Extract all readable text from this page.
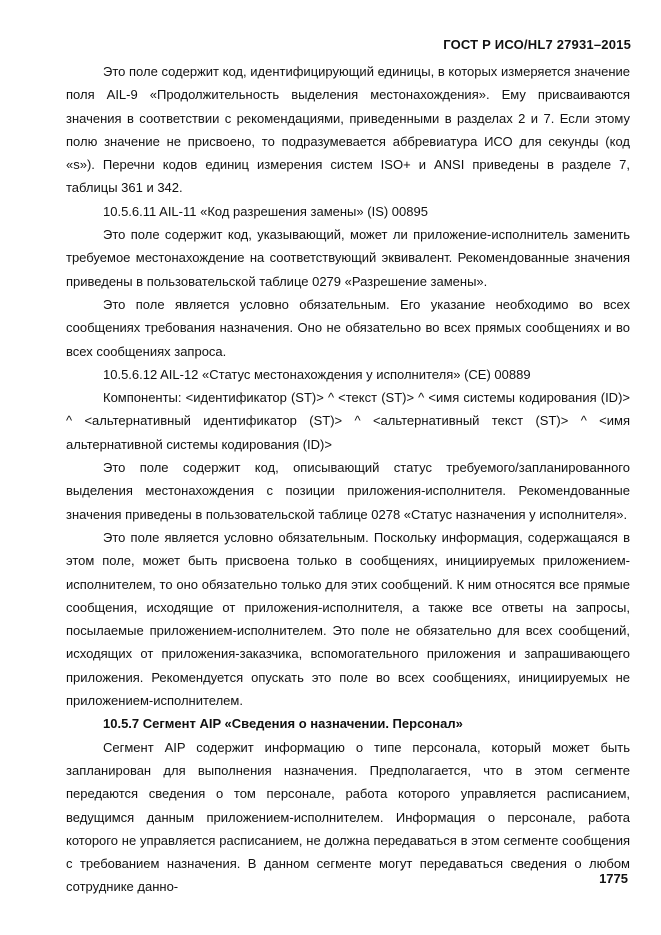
ГОСТ Р ИСО/HL7 27931–2015

Это поле содержит код, идентифицирующий единицы, в которых измеряется значение поля AIL-9 «Продолжительность выделения местонахождения». Ему присваиваются значения в соответствии с рекомендациями, приведенными в разделах 2 и 7. Если этому полю значение не присвоено, то подразумевается аббревиатура ИСО для секунды (код «s»). Перечни кодов единиц измерения систем ISO+ и ANSI приведены в разделе 7, таблицы 361 и 342.

10.5.6.11 AIL-11 «Код разрешения замены» (IS) 00895

Это поле содержит код, указывающий, может ли приложение-исполнитель заменить требуемое местонахождение на соответствующий эквивалент. Рекомендованные значения приведены в пользовательской таблице 0279 «Разрешение замены».

Это поле является условно обязательным. Его указание необходимо во всех сообщениях требования назначения. Оно не обязательно во всех прямых сообщениях и во всех сообщениях запроса.

10.5.6.12 AIL-12 «Статус местонахождения у исполнителя» (CE) 00889

Компоненты: <идентификатор (ST)> ^ <текст (ST)> ^ <имя системы кодирования (ID)> ^ <альтернативный идентификатор (ST)> ^ <альтернативный текст (ST)> ^ <имя альтернативной системы кодирования (ID)>

Это поле содержит код, описывающий статус требуемого/запланированного выделения местонахождения с позиции приложения-исполнителя. Рекомендованные значения приведены в пользовательской таблице 0278 «Статус назначения у исполнителя».

Это поле является условно обязательным. Поскольку информация, содержащаяся в этом поле, может быть присвоена только в сообщениях, инициируемых приложением-исполнителем, то оно обязательно только для этих сообщений. К ним относятся все прямые сообщения, исходящие от приложения-исполнителя, а также все ответы на запросы, посылаемые приложением-исполнителем. Это поле не обязательно для всех сообщений, исходящих от приложения-заказчика, вспомогательного приложения и запрашивающего приложения. Рекомендуется опускать это поле во всех сообщениях, инициируемых не приложением-исполнителем.

10.5.7 Сегмент AIP «Сведения о назначении. Персонал»

Сегмент AIP содержит информацию о типе персонала, который может быть запланирован для выполнения назначения. Предполагается, что в этом сегменте передаются сведения о том персонале, работа которого управляется расписанием, ведущимся данным приложением-исполнителем. Информация о персонале, работа которого не управляется расписанием, не должна передаваться в этом сегменте сообщения с требованием назначения. В данном сегменте могут передаваться сведения о любом сотруднике данно-

1775
